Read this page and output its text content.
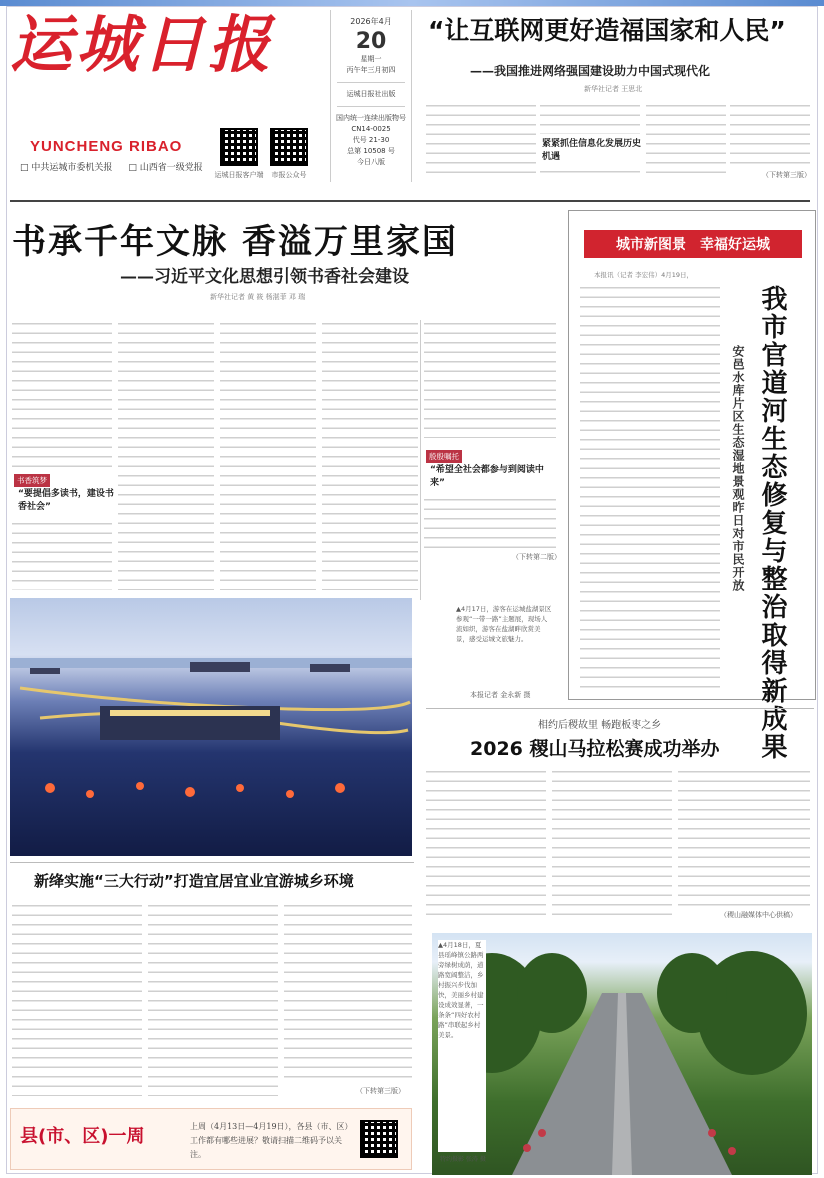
运城日报
YUNCHENG RIBAO
□ 中共运城市委机关报 □ 山西省一级党报
运城日报客户端	市报公众号
2026年4月
20
星期一
丙午年三月初四
运城日报社出版
国内统一连续出版物号
CN14-0025
代号 21-30
总第 10508 号
今日八版
“让互联网更好造福国家和人民”
——我国推进网络强国建设助力中国式现代化
新华社记者 王思北
紧紧抓住信息化发展历史机遇
（下转第三版）
书承千年文脉 香溢万里家国
——习近平文化思想引领书香社会建设
新华社记者 黄 筱 杨湛菲 邓 瑞
书香筑梦
“要提倡多读书，建设书香社会”
殷殷嘱托
“希望全社会都参与到阅读中来”
（下转第二版）
城市新图景 幸福好运城
我市官道河生态修复与整治取得新成果
安邑水库片区生态湿地景观昨日对市民开放
本报讯（记者 李宏伟）4月19日，
▲4月17日，游客在运城盐湖景区参观“一带一路”主题展，现场人流如织，游客在盐湖畔欣赏美景，感受运城文旅魅力。
本报记者 金永新 摄
相约后稷故里 畅跑板枣之乡
2026 稷山马拉松赛成功举办
（稷山融媒体中心供稿）
新绛实施“三大行动”打造宜居宜业宜游城乡环境
（下转第三版）
▲4月18日，夏县瑶峰镇公路两旁绿树成荫，道路宽阔整洁，乡村振兴步伐加快，美丽乡村建设成效显著，一条条“四好农村路”串联起乡村美景。
特约摄影 张涛 摄
县(市、区)一周	上周（4月13日—4月19日），各县（市、区）工作都有哪些进展？敬请扫描二维码予以关注。
